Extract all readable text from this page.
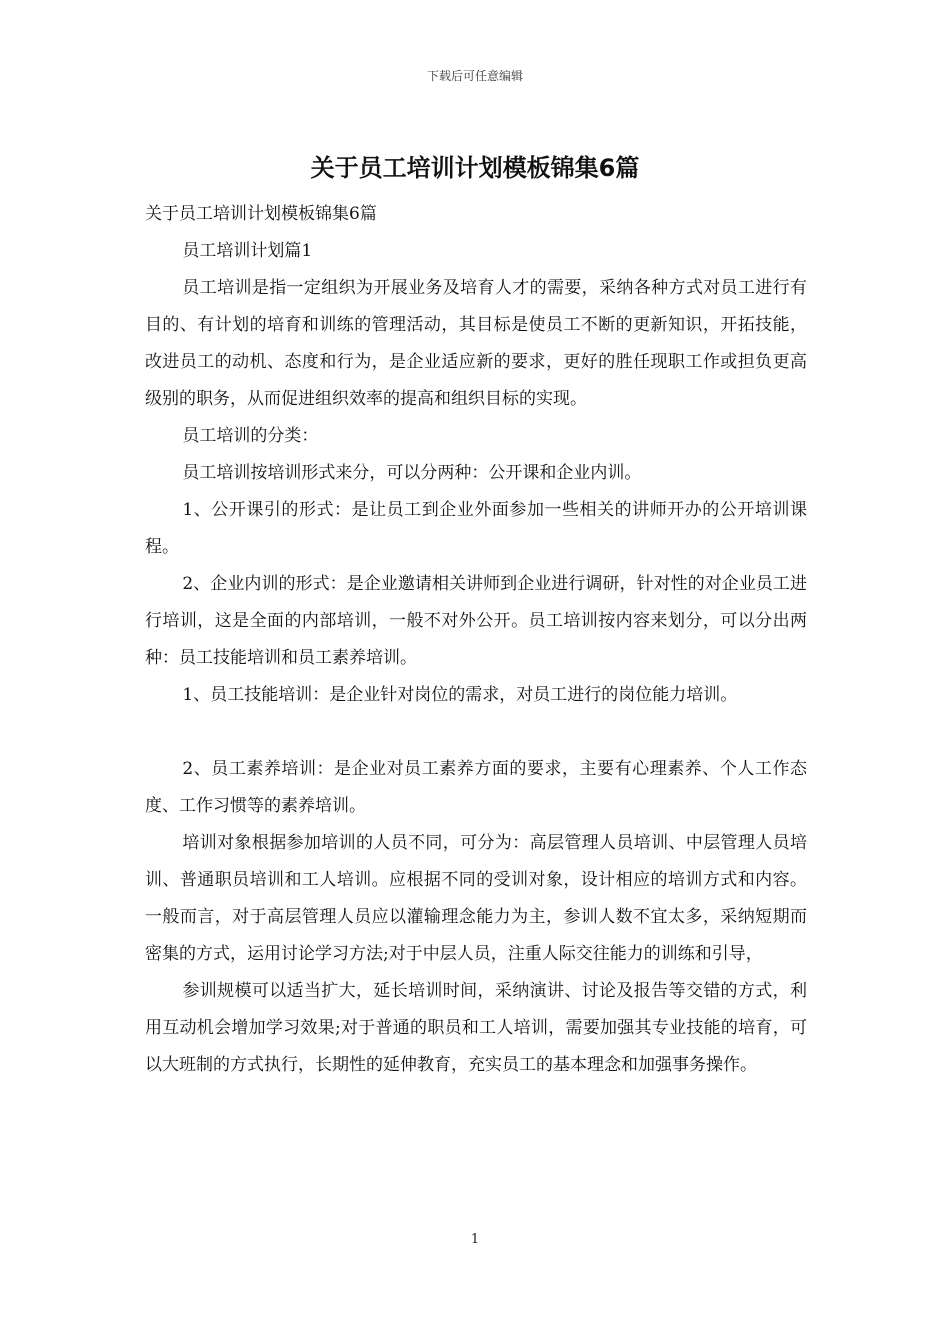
下载后可任意编辑
关于员工培训计划模板锦集6篇

关于员工培训计划模板锦集6篇

员工培训计划篇1

员工培训是指一定组织为开展业务及培育人才的需要，采纳各种方式对员工进行有目的、有计划的培育和训练的管理活动，其目标是使员工不断的更新知识，开拓技能，改进员工的动机、态度和行为，是企业适应新的要求，更好的胜任现职工作或担负更高级别的职务，从而促进组织效率的提高和组织目标的实现。

员工培训的分类：

员工培训按培训形式来分，可以分两种：公开课和企业内训。

1、公开课引的形式：是让员工到企业外面参加一些相关的讲师开办的公开培训课程。

2、企业内训的形式：是企业邀请相关讲师到企业进行调研，针对性的对企业员工进行培训，这是全面的内部培训，一般不对外公开。员工培训按内容来划分，可以分出两种：员工技能培训和员工素养培训。

1、员工技能培训：是企业针对岗位的需求，对员工进行的岗位能力培训。

2、员工素养培训：是企业对员工素养方面的要求，主要有心理素养、个人工作态度、工作习惯等的素养培训。

培训对象根据参加培训的人员不同，可分为：高层管理人员培训、中层管理人员培训、普通职员培训和工人培训。应根据不同的受训对象，设计相应的培训方式和内容。一般而言，对于高层管理人员应以灌输理念能力为主，参训人数不宜太多，采纳短期而密集的方式，运用讨论学习方法;对于中层人员，注重人际交往能力的训练和引导，

参训规模可以适当扩大，延长培训时间，采纳演讲、讨论及报告等交错的方式，利用互动机会增加学习效果;对于普通的职员和工人培训，需要加强其专业技能的培育，可以大班制的方式执行，长期性的延伸教育，充实员工的基本理念和加强事务操作。

1
